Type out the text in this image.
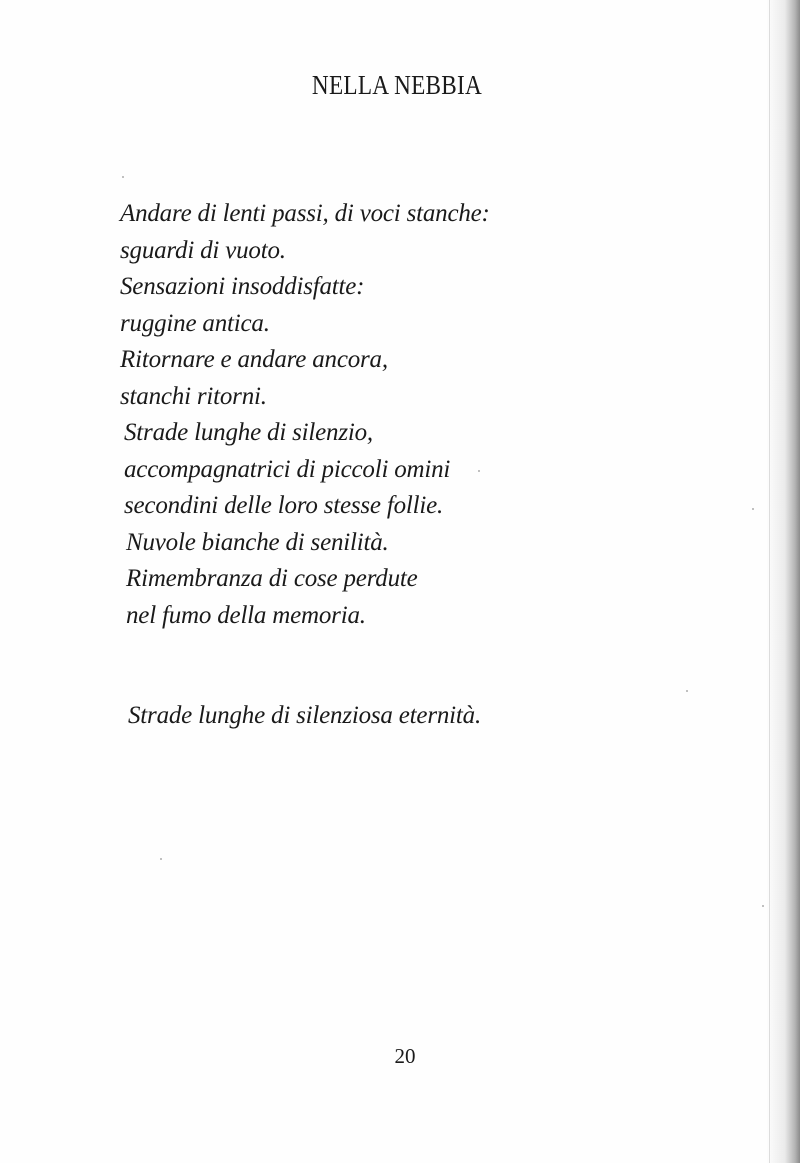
NELLA NEBBIA
Andare di lenti passi, di voci stanche:
sguardi di vuoto.
Sensazioni insoddisfatte:
ruggine antica.
Ritornare e andare ancora,
stanchi ritorni.
Strade lunghe di silenzio,
accompagnatrici di piccoli omini
secondini delle loro stesse follie.
Nuvole bianche di senilità.
Rimembranza di cose perdute
nel fumo della memoria.

Strade lunghe di silenziosa eternità.

20
